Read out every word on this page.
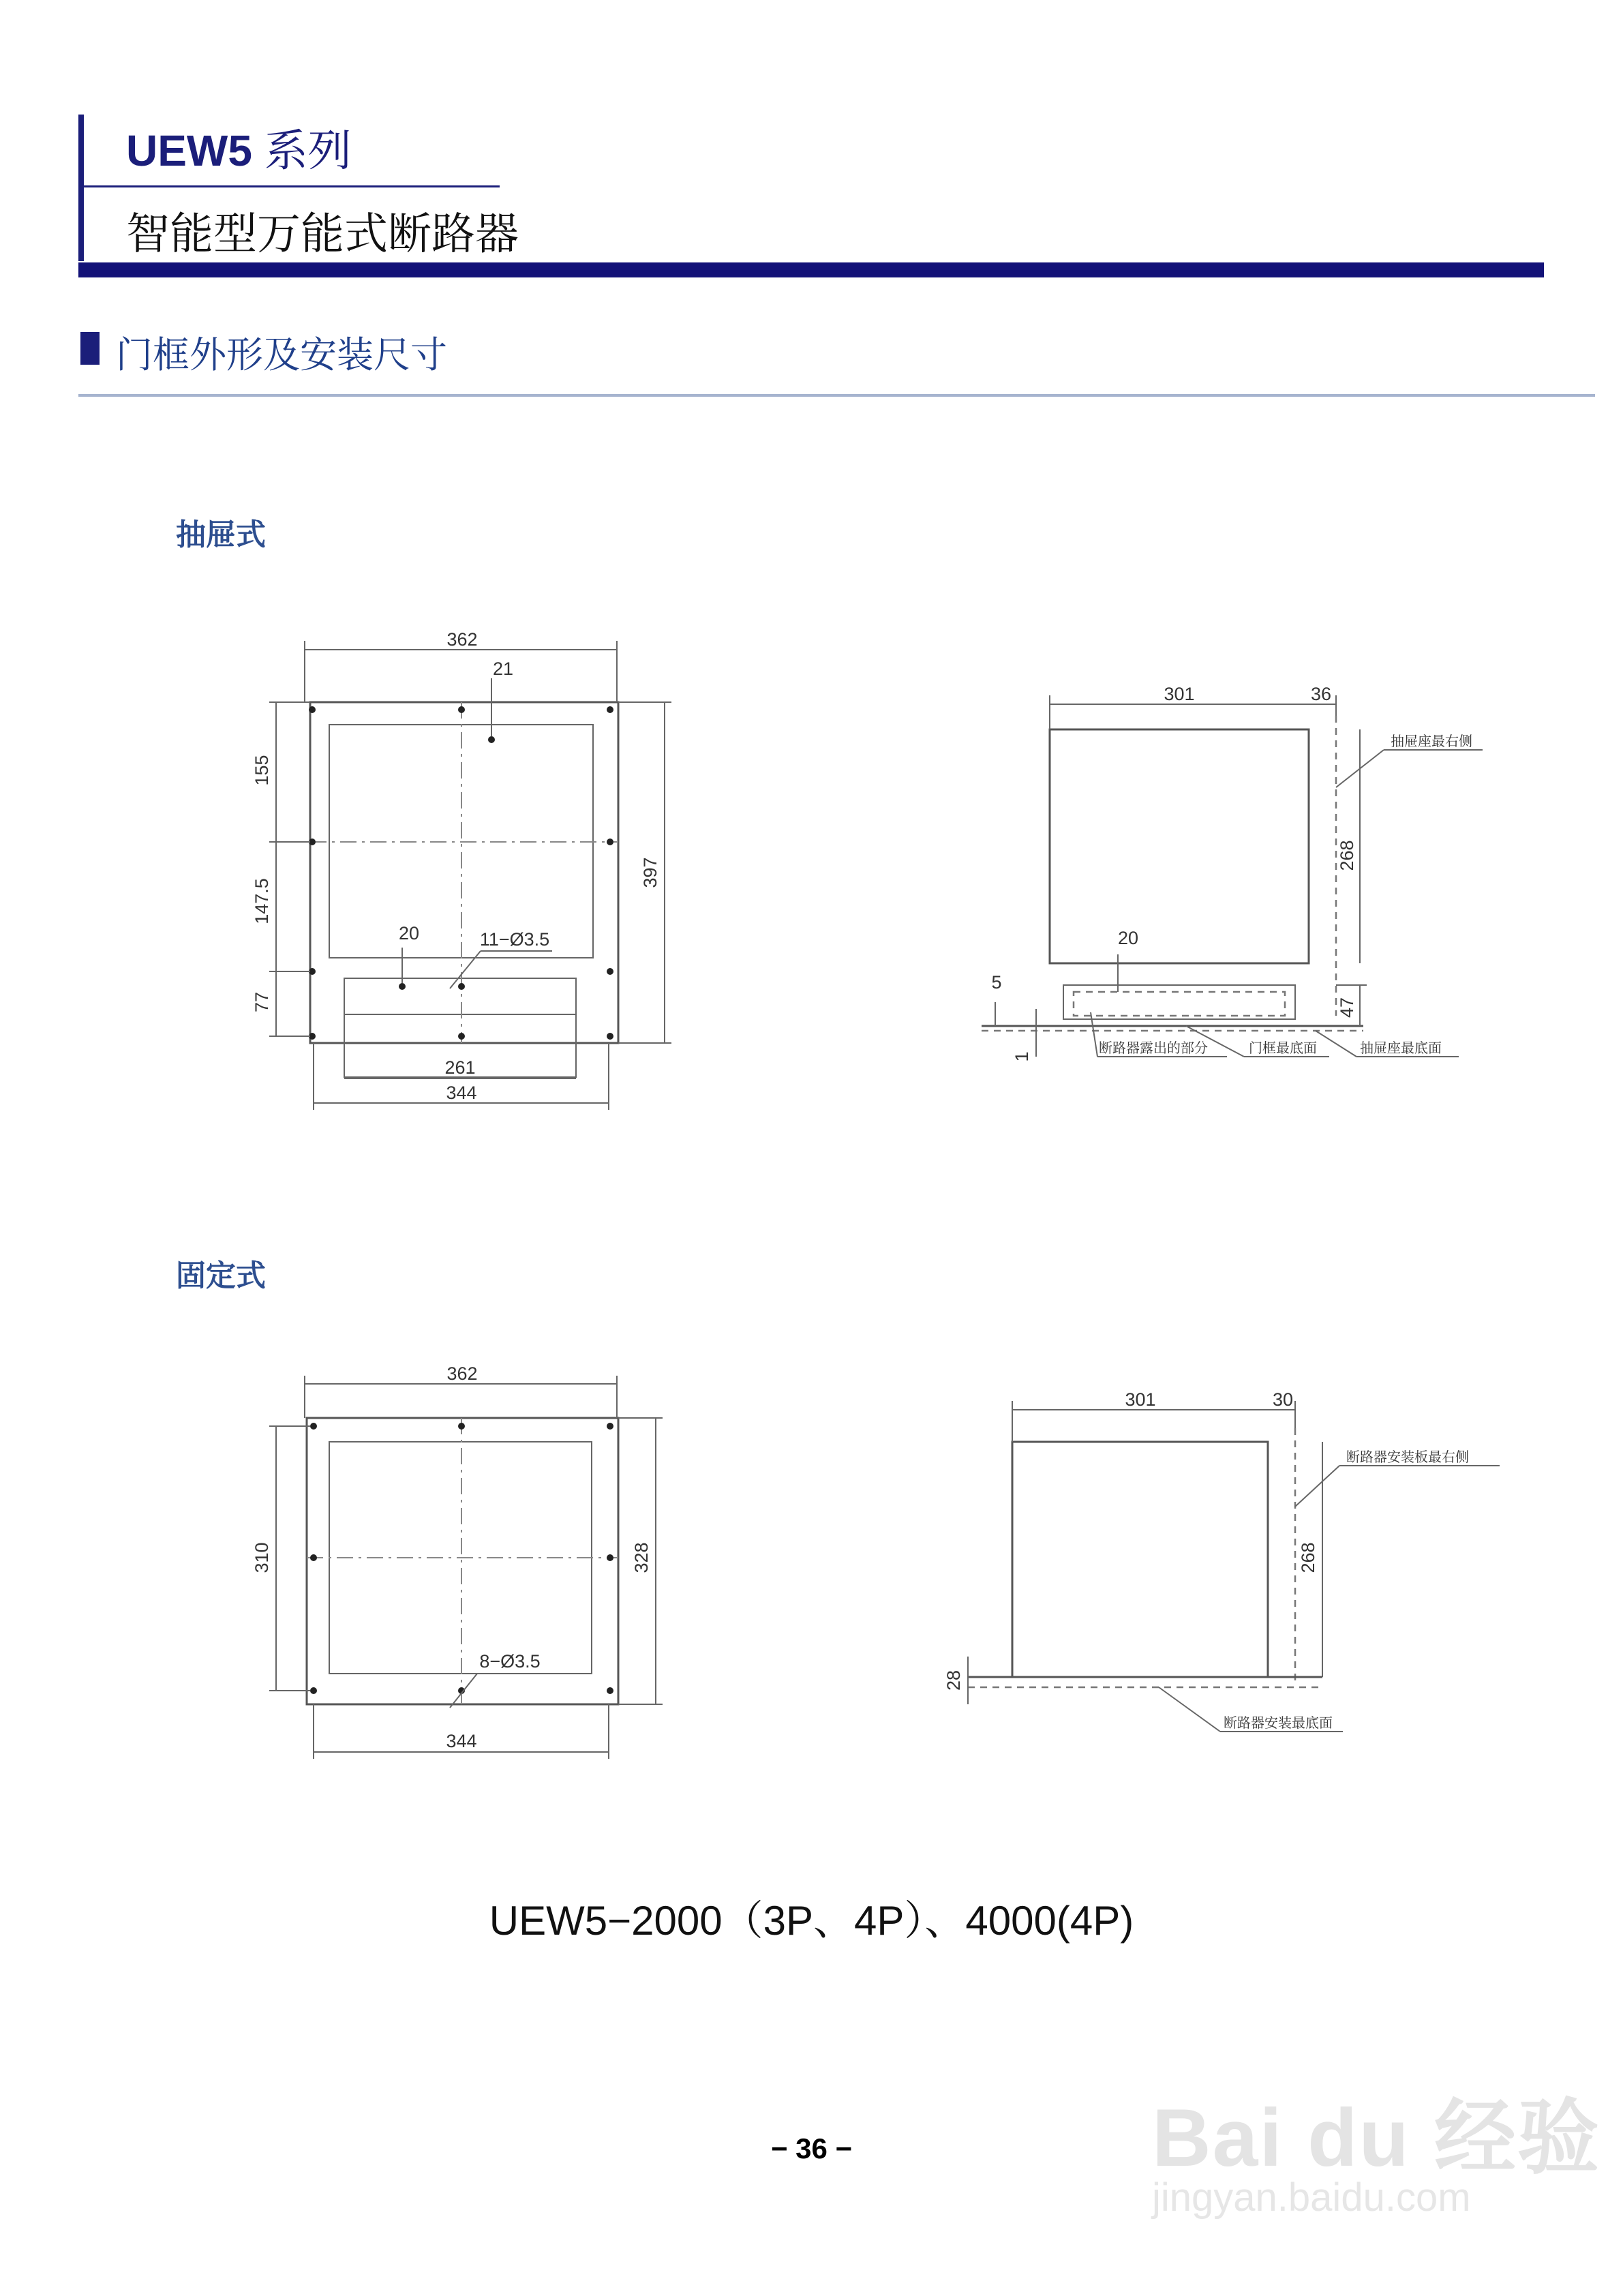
UEW5 系列
智能型万能式断路器
门框外形及安装尺寸
抽屉式
固定式
362
21
397
155
147.5
77
20	11−Ø3.5
261
344
301	36
268
47
20
5
1
抽屉座最右侧
断路器露出的部分	门框最底面	抽屉座最底面
362
310	328
8−Ø3.5
344
301	30
268
28
断路器安装板最右侧
断路器安装最底面
UEW5−2000（3P、4P）、4000(4P)
− 36 −	Bai du 经验
jingyan.baidu.com
